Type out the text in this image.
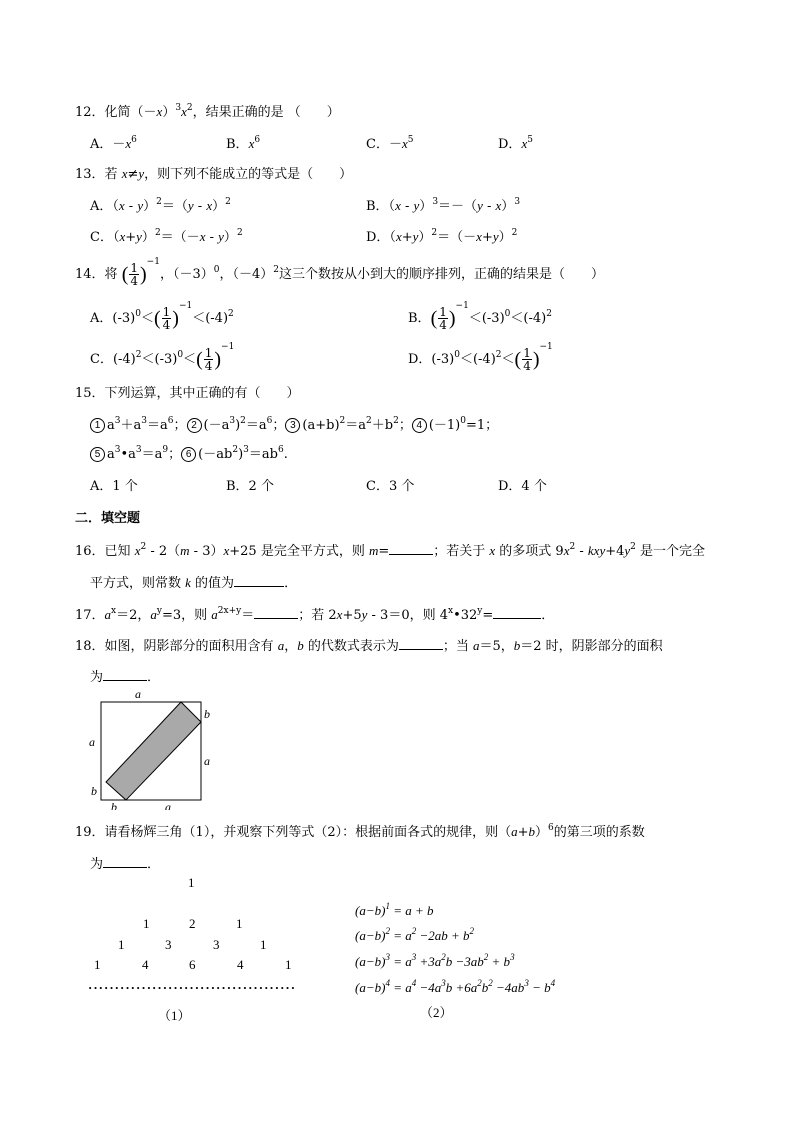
12．化简$(-x)^3x^2$，结果正确的是 （　　）
A．$-x^6$	B．$x^6$	C．$-x^5$	D．$x^5$
13．若 x≠y，则下列不能成立的等式是（　　）
A．（x - y）$^2$＝（y - x）$^2$	B．（x - y）$^3$＝－（y - x）$^3$
C．$(x+y)^2=(-x - y)^2$	D．$(x+y)^2=(-x+y)^2$
14．将 ( $\frac{1}{4} )^{-1}$，$(-3)^0$，$(-4)^2$这三个数按从小到大的顺序排列，正确的结果是（　　）
A．$(-3)^0<( \frac{1}{4} )^{-1}<(-4)^2$	B．( $\frac{1}{4} )^{-1}<(-3)^0<(-4)^2$
C．$(-4)^2<(-3)^0<( \frac{1}{4} )^{-1}$
D．$(-3)^0<(-4)^2<( \frac{1}{4} )^{-1}$
15．下列运算，其中正确的有（　　）
1 $a^3+a^3=a^6$； 2 $(-a^3)^2=a^6$； 3 $(a+b)^2=a^2+b^2$； 4 $(-1)^0=1$；
5 $a^3•a^3=a^9$； 6 $(-ab^2)^3=ab^6$.
A．1 个	B．2 个	C．3 个	D．4 个
二．填空题
16．已知 $x^2 - 2(m - 3)x+25$ 是完全平方式，则 m=	；若关于 x 的多项式 $9x^2 - kxy+4y^2$ 是一个完全
平方式，则常数 k 的值为	．
17．$a^x=2$，$a^y=3$，则 $a^{2x+y}=$	；若 2x+5y - 3＝0，则 $4^x•32^y=$	．
18．如图，阴影部分的面积用含有 a，b 的代数式表示为	；当 a＝5，b＝2 时，阴影部分的面积
为	．
a
b
a
a
b
b	a
19．请看杨辉三角（1），并观察下列等式（2）：根据前面各式的规律，则$(a+b)^6$的第三项的系数
为	．
1
1	2	1
1	3	3	1
1	4	6	4	1
·······································
（1）
$(a-b)^1 = a + b$
$(a-b)^2 = a^2 -2ab + b^2$
$(a-b)^3 = a^3 +3a^2b -3ab^2 + b^3$
$(a-b)^4 = a^4 -4a^3b +6a^2b^2 -4ab^3 - b^4$
（2）
